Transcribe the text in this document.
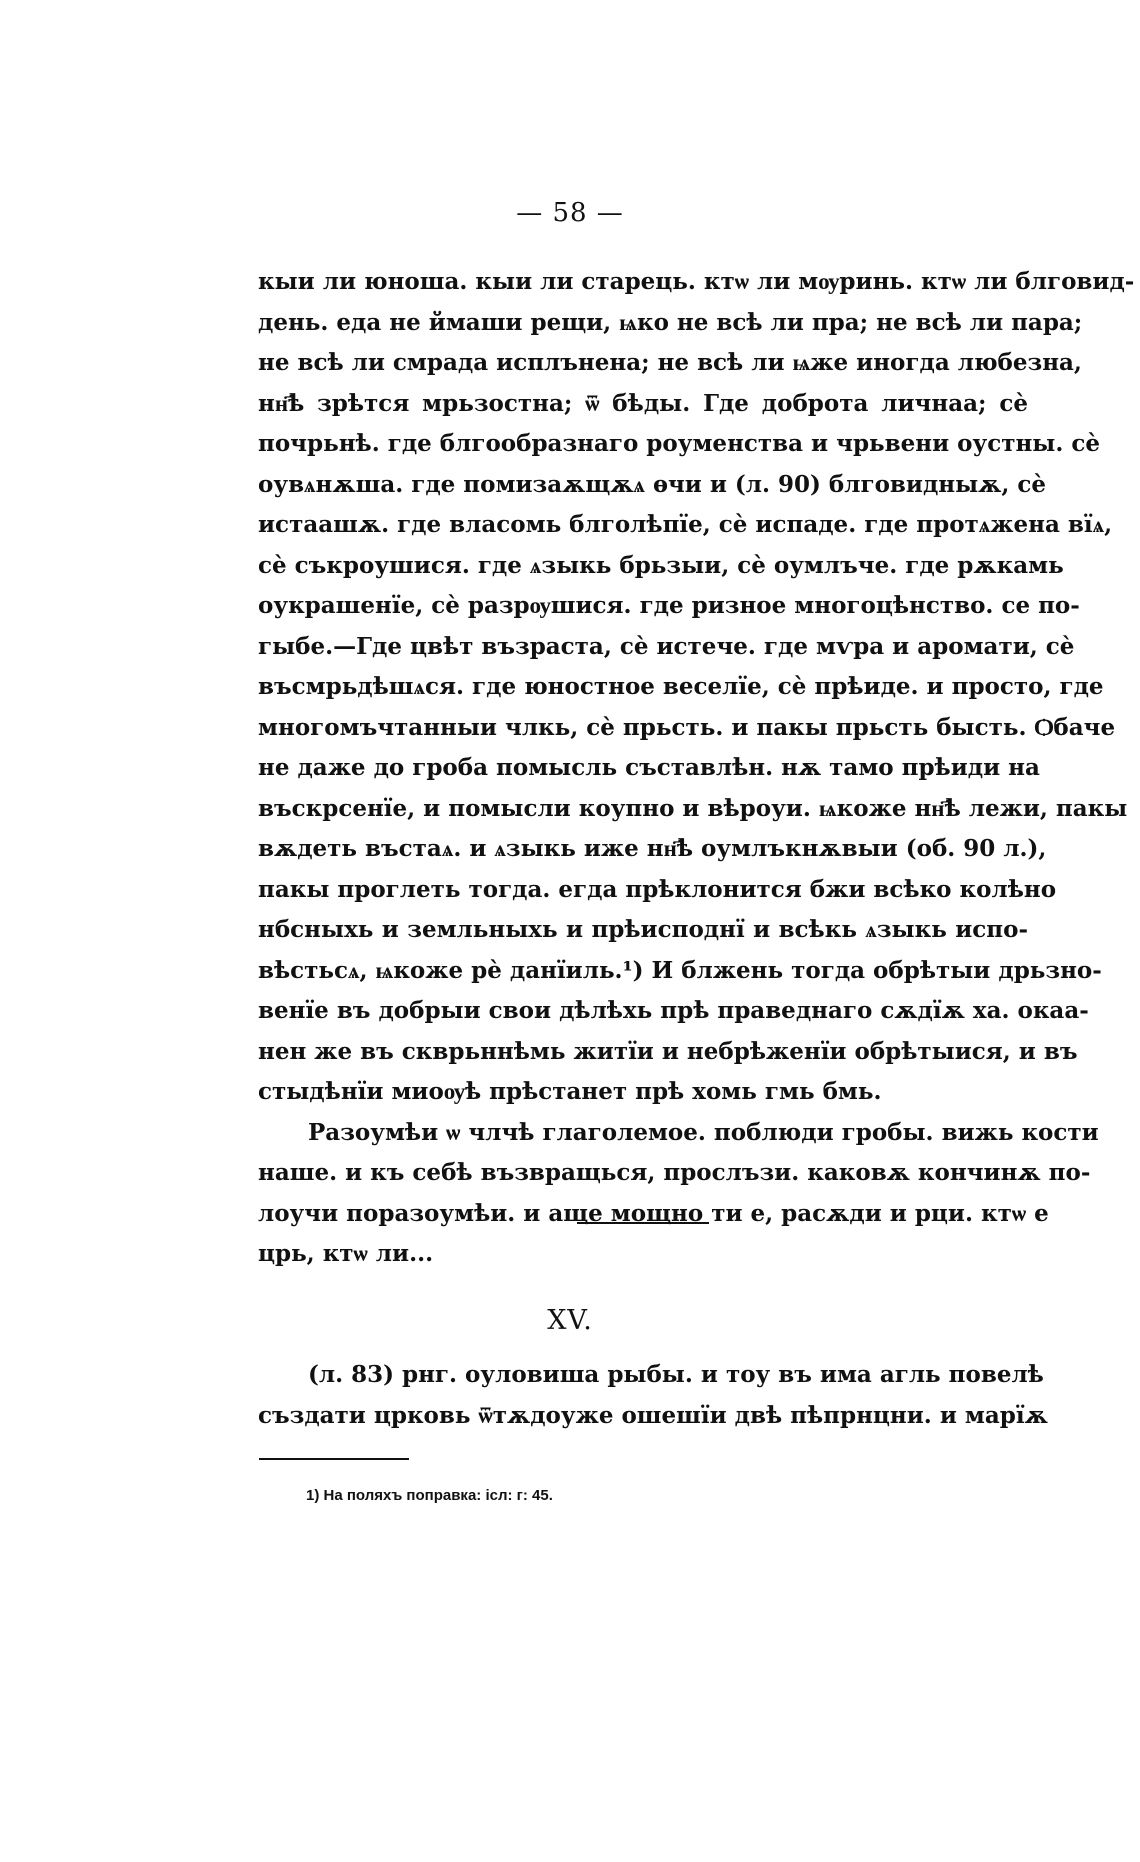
— 58 —
кыи ли юноша. кыи ли старець. ктѡ ли мѹринь. ктѡ ли блговид-
день. еда не ймаши рещи, ѩко не всѣ ли пра; не всѣ ли пара;
не всѣ ли смрада исплънена; не всѣ ли ѩже иногда любезна,
нн҃ѣ зрѣтся мрьзостна; ѿ бѣды. Где доброта личнаа; сѐ
почрьнѣ. где блгообразнаго роуменства и чрьвени оустны. сѐ
оувѧнѫша. где помизаѫщѫѧ ѳчи и (л. 90) блговидныѫ, сѐ
истаашѫ. где власомь блголѣпїе, сѐ испаде. где протѧжена вїѧ,
сѐ съкроушися. где ѧзыкь брьзыи, сѐ оумлъче. где рѫкамь
оукрашенїе, сѐ разрѹшися. где ризное многоцѣнство. се по-
гыбе.—Где цвѣт възраста, сѐ истече. где мѵра и аромати, сѐ
въсмрьдѣшѧся. где юностное веселїе, сѐ прѣиде. и просто, где
многомъчтанныи члкь, сѐ прьсть. и пакы прьсть бысть. Ѻбаче
не даже до гроба помысль съставлѣн. нѫ тамо прѣиди на
въскрсенїе, и помысли коупно и вѣроуи. ѩкоже нн҃ѣ лежи, пакы
вѫдеть въстаѧ. и ѧзыкь иже нн҃ѣ оумлъкнѫвыи (об. 90 л.),
пакы проглеть тогда. егда прѣклонится бжи всѣко колѣно
нбсныхь и земльныхь и прѣисподнї и всѣкь ѧзыкь испо-
вѣстьсѧ, ѩкоже рѐ данїиль.¹) И блжень тогда обрѣтыи дрьзно-
венїе въ добрыи свои дѣлѣхь прѣ праведнаго сѫдїѫ ха. окаа-
нен же въ скврьннѣмь житїи и небрѣженїи обрѣтыися, и въ
стыдѣнїи миоѹѣ прѣстанет прѣ хомь гмь бмь.
Разоумѣи ѡ члчѣ глаголемое. поблюди гробы. вижь кости
наше. и къ себѣ възвращься, прослъзи. каковѫ кончинѫ по-
лоучи поразоумѣи. и аще мощно ти е, расѫди и рци. ктѡ е
црь, ктѡ ли...
XV.
(л. 83) рнг. оуловиша рыбы. и тоу въ има агль повелѣ
създати црковь ѿтѫдоуже ошешїи двѣ пѣпрнцни. и марїѫ
1) На поляхъ поправка: ісл: г: 45.
